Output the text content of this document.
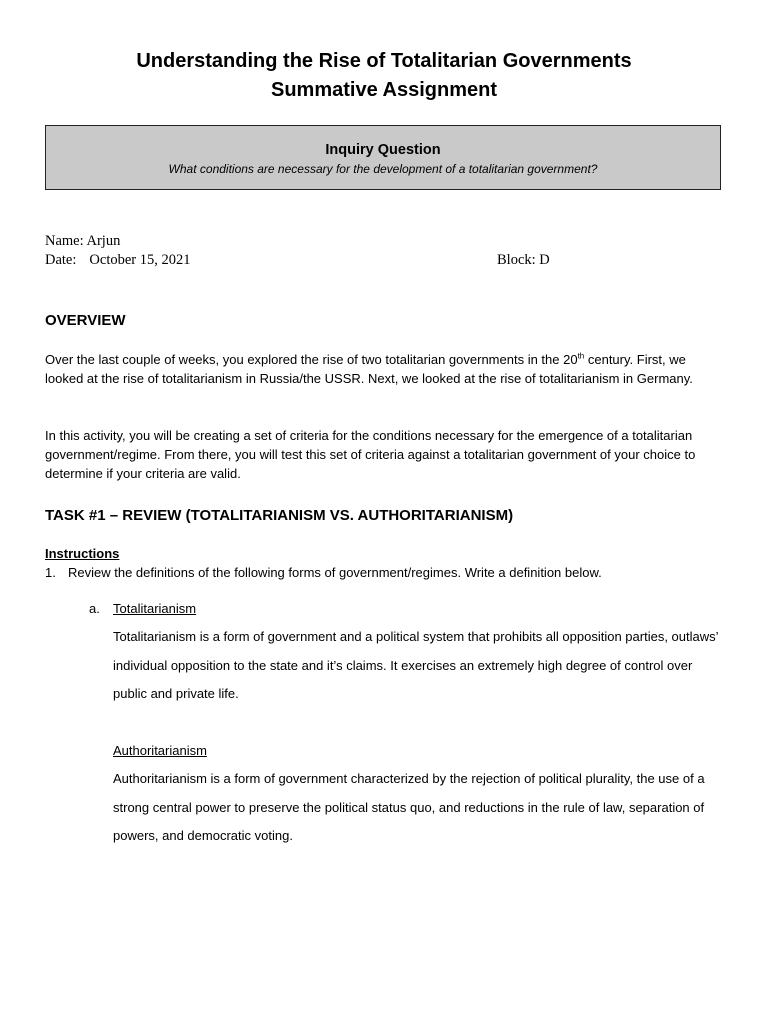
Understanding the Rise of Totalitarian Governments
Summative Assignment
Inquiry Question
What conditions are necessary for the development of a totalitarian government?
Name: Arjun
Date: October 15, 2021	Block: D
OVERVIEW
Over the last couple of weeks, you explored the rise of two totalitarian governments in the 20th century. First, we looked at the rise of totalitarianism in Russia/the USSR. Next, we looked at the rise of totalitarianism in Germany.
In this activity, you will be creating a set of criteria for the conditions necessary for the emergence of a totalitarian government/regime. From there, you will test this set of criteria against a totalitarian government of your choice to determine if your criteria are valid.
TASK #1 – REVIEW (TOTALITARIANISM VS. AUTHORITARIANISM)
Instructions
1. Review the definitions of the following forms of government/regimes. Write a definition below.
a. Totalitarianism
Totalitarianism is a form of government and a political system that prohibits all opposition parties, outlaws’ individual opposition to the state and it’s claims. It exercises an extremely high degree of control over public and private life.
Authoritarianism
Authoritarianism is a form of government characterized by the rejection of political plurality, the use of a strong central power to preserve the political status quo, and reductions in the rule of law, separation of powers, and democratic voting.
